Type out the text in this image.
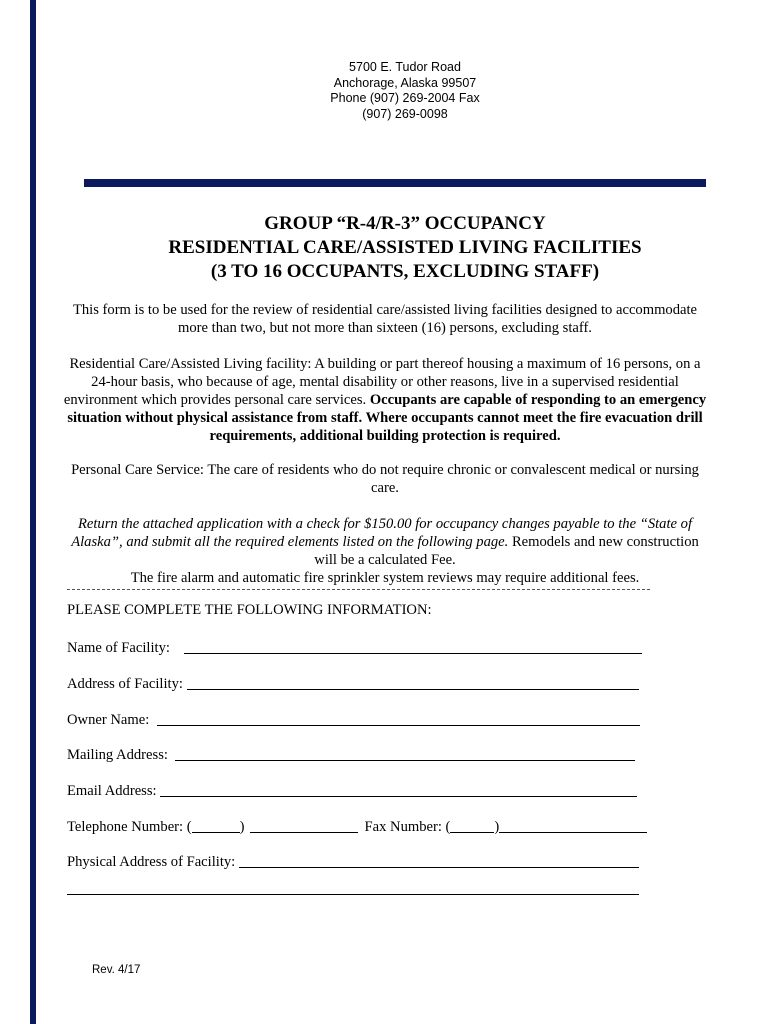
5700 E. Tudor Road
Anchorage, Alaska 99507
Phone (907) 269-2004 Fax
(907) 269-0098
GROUP “R-4/R-3” OCCUPANCY
RESIDENTIAL CARE/ASSISTED LIVING FACILITIES
(3 TO 16 OCCUPANTS, EXCLUDING STAFF)
This form is to be used for the review of residential care/assisted living facilities designed to accommodate more than two, but not more than sixteen (16) persons, excluding staff.
Residential Care/Assisted Living facility: A building or part thereof housing a maximum of 16 persons, on a 24-hour basis, who because of age, mental disability or other reasons, live in a supervised residential environment which provides personal care services. Occupants are capable of responding to an emergency situation without physical assistance from staff. Where occupants cannot meet the fire evacuation drill requirements, additional building protection is required.
Personal Care Service: The care of residents who do not require chronic or convalescent medical or nursing care.
Return the attached application with a check for $150.00 for occupancy changes payable to the “State of Alaska”, and submit all the required elements listed on the following page. Remodels and new construction will be a calculated Fee.
The fire alarm and automatic fire sprinkler system reviews may require additional fees.
PLEASE COMPLETE THE FOLLOWING INFORMATION:
Name of Facility:
Address of Facility:
Owner Name:
Mailing Address:
Email Address:
Telephone Number: (	)	Fax Number: (	)
Physical Address of Facility:
Rev. 4/17
